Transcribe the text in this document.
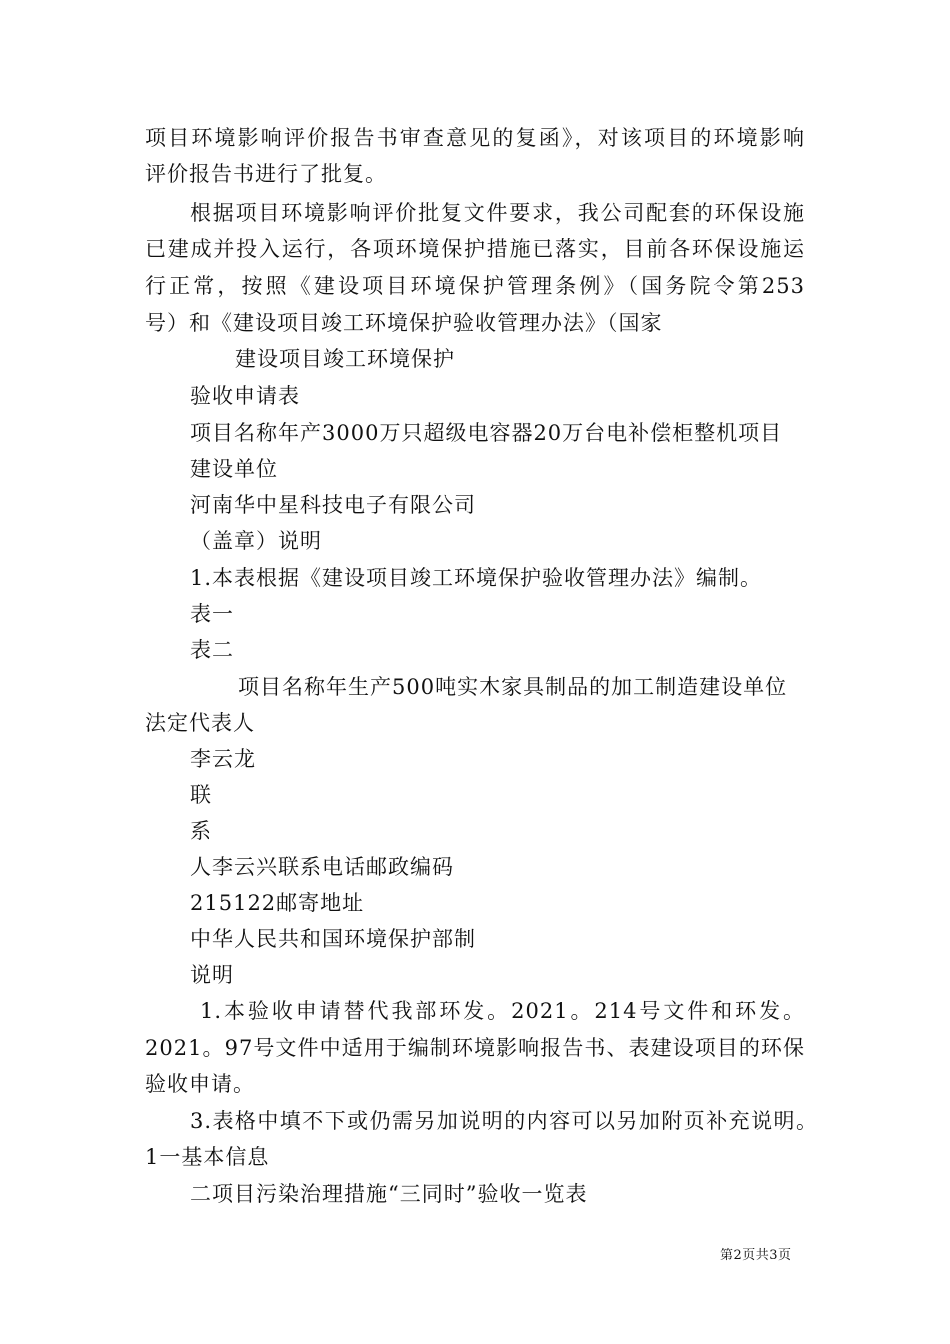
项目环境影响评价报告书审查意见的复函》，对该项目的环境影响
评价报告书进行了批复。
根据项目环境影响评价批复文件要求，我公司配套的环保设施
已建成并投入运行，各项环境保护措施已落实，目前各环保设施运
行正常，按照《建设项目环境保护管理条例》（国务院令第253
号）和《建设项目竣工环境保护验收管理办法》（国家
建设项目竣工环境保护
验收申请表
项目名称年产3000万只超级电容器20万台电补偿柜整机项目
建设单位
河南华中星科技电子有限公司
（盖章）说明
1.本表根据《建设项目竣工环境保护验收管理办法》编制。
表一
表二
项目名称年生产500吨实木家具制品的加工制造建设单位
法定代表人
李云龙
联
系
人李云兴联系电话邮政编码
215122邮寄地址
中华人民共和国环境保护部制
说明
1.本验收申请替代我部环发。2021。214号文件和环发。
2021。97号文件中适用于编制环境影响报告书、表建设项目的环保
验收申请。
3.表格中填不下或仍需另加说明的内容可以另加附页补充说明。
1一基本信息
二项目污染治理措施“三同时”验收一览表
第2页共3页
